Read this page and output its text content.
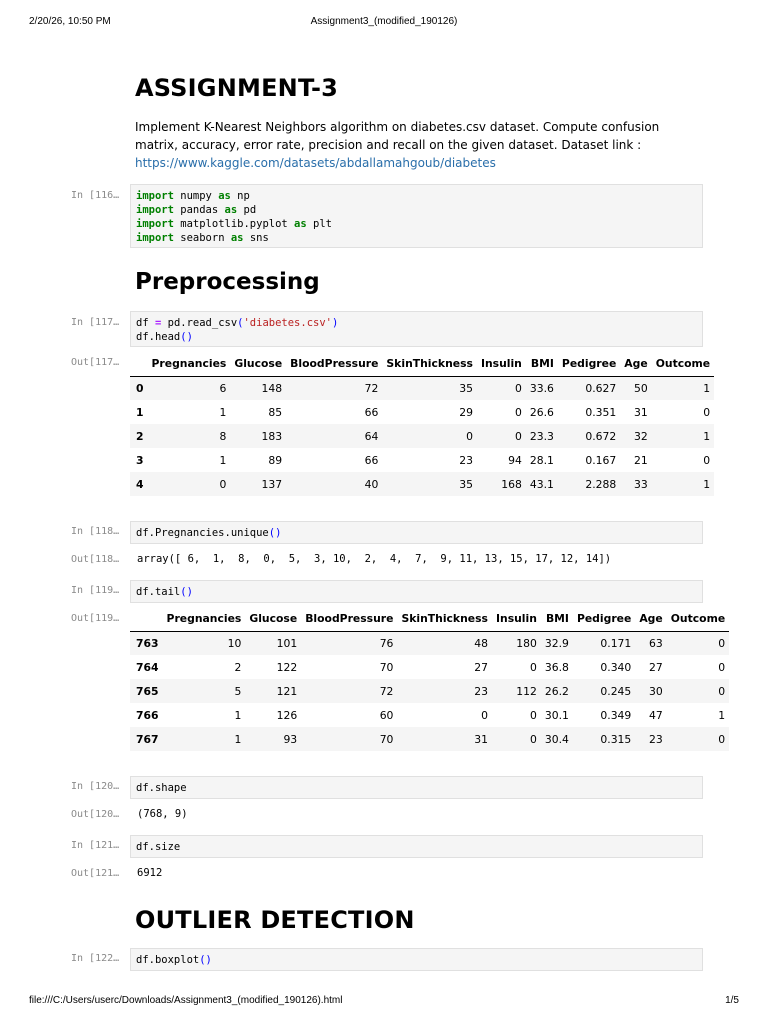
2/20/26, 10:50 PM	Assignment3_(modified_190126)
ASSIGNMENT-3
Implement K-Nearest Neighbors algorithm on diabetes.csv dataset. Compute confusion matrix, accuracy, error rate, precision and recall on the given dataset. Dataset link :
https://www.kaggle.com/datasets/abdallamahgoub/diabetes
In [116…	import numpy as np
import pandas as pd
import matplotlib.pyplot as plt
import seaborn as sns
Preprocessing
In [117…	df = pd.read_csv('diabetes.csv')
df.head()
Out[117…
		Pregnancies	Glucose	BloodPressure	SkinThickness	Insulin	BMI	Pedigree	Age	Outcome
0	6	148	72	35	0	33.6	0.627	50	1
1	1	85	66	29	0	26.6	0.351	31	0
2	8	183	64	0	0	23.3	0.672	32	1
3	1	89	66	23	94	28.1	0.167	21	0
4	0	137	40	35	168	43.1	2.288	33	1
In [118…	df.Pregnancies.unique()
Out[118…	array([ 6,  1,  8,  0,  5,  3, 10,  2,  4,  7,  9, 11, 13, 15, 17, 12, 14])
In [119…	df.tail()
Out[119…
		Pregnancies	Glucose	BloodPressure	SkinThickness	Insulin	BMI	Pedigree	Age	Outcome
763	10	101	76	48	180	32.9	0.171	63	0
764	2	122	70	27	0	36.8	0.340	27	0
765	5	121	72	23	112	26.2	0.245	30	0
766	1	126	60	0	0	30.1	0.349	47	1
767	1	93	70	31	0	30.4	0.315	23	0
In [120…	df.shape
Out[120…	(768, 9)
In [121…	df.size
Out[121…	6912
OUTLIER DETECTION
In [122…	df.boxplot()
file:///C:/Users/userc/Downloads/Assignment3_(modified_190126).html	1/5
